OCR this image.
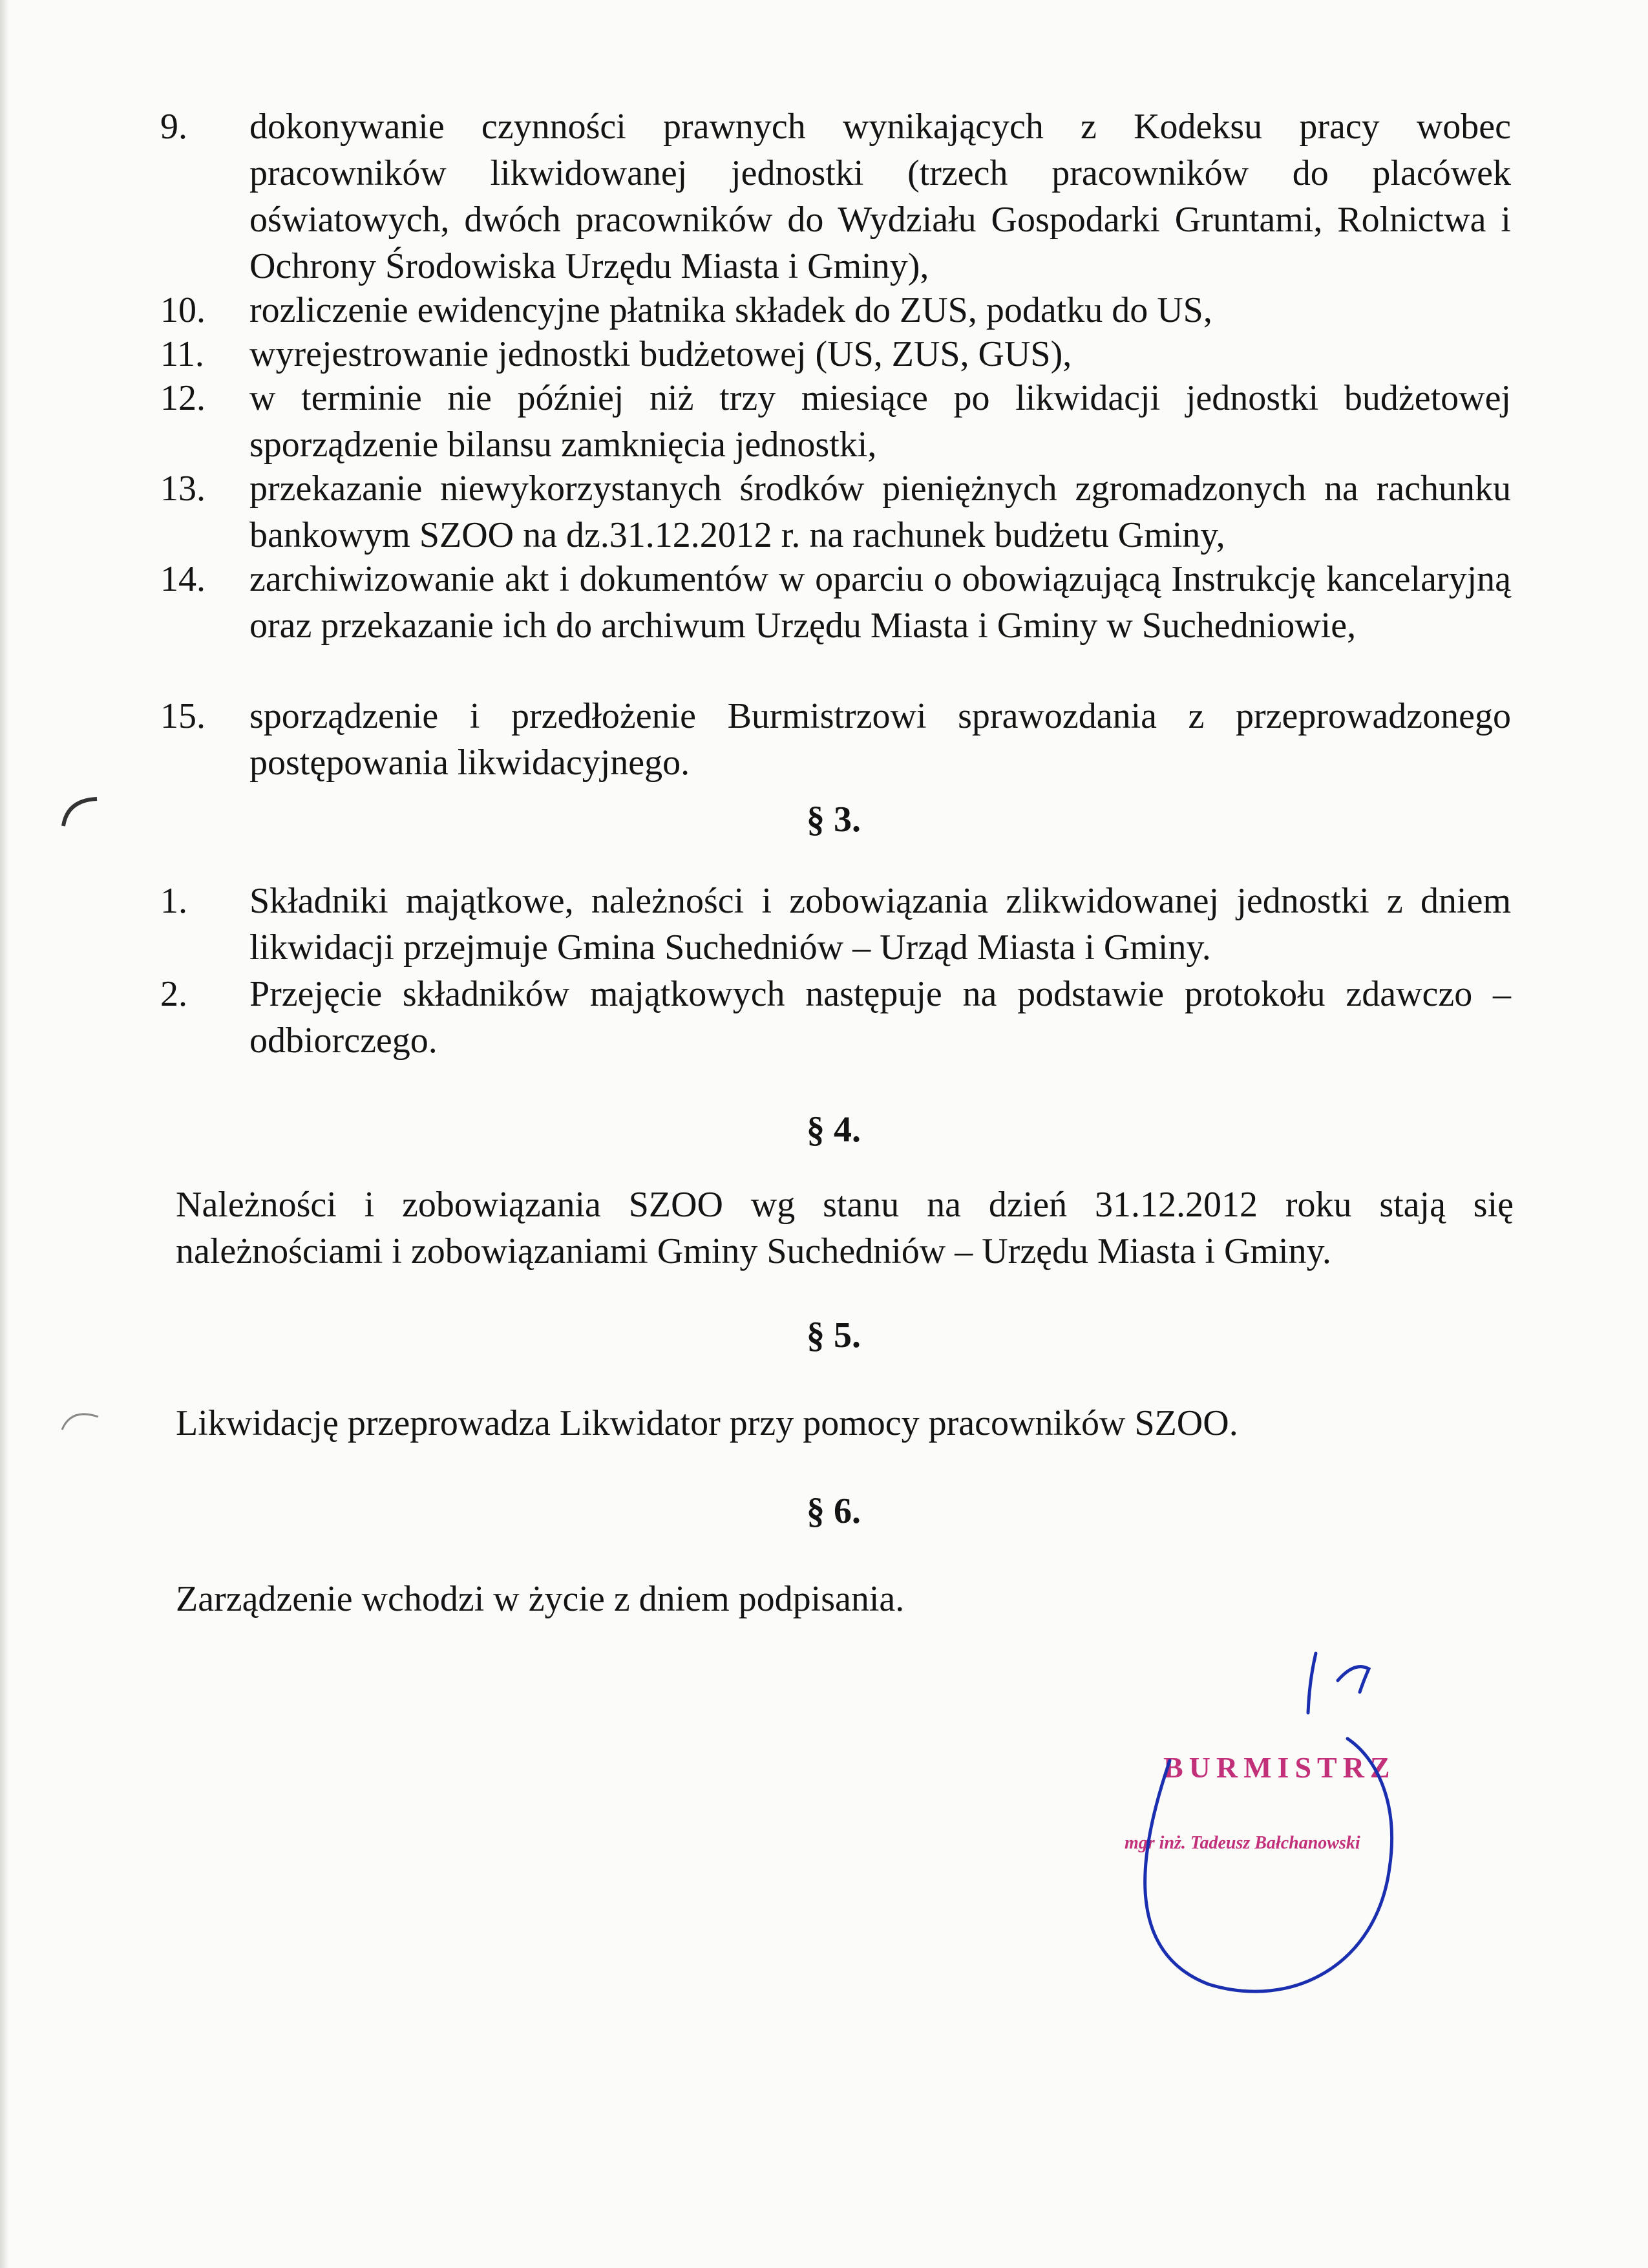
9. dokonywanie czynności prawnych wynikających z Kodeksu pracy wobec pracowników likwidowanej jednostki (trzech pracowników do placówek oświatowych, dwóch pracowników do Wydziału Gospodarki Gruntami, Rolnictwa i Ochrony Środowiska Urzędu Miasta i Gminy),
10. rozliczenie ewidencyjne płatnika składek do ZUS, podatku do US,
11. wyrejestrowanie jednostki budżetowej (US, ZUS, GUS),
12. w terminie nie później niż trzy miesiące po likwidacji jednostki budżetowej sporządzenie bilansu zamknięcia jednostki,
13. przekazanie niewykorzystanych środków pieniężnych zgromadzonych na rachunku bankowym SZOO na dz.31.12.2012 r. na rachunek budżetu Gminy,
14. zarchiwizowanie akt i dokumentów w oparciu o obowiązującą Instrukcję kancelaryjną oraz przekazanie ich do archiwum Urzędu Miasta i Gminy w Suchedniowie,
15. sporządzenie i przedłożenie Burmistrzowi sprawozdania z przeprowadzonego postępowania likwidacyjnego.
§ 3.
1. Składniki majątkowe, należności i zobowiązania zlikwidowanej jednostki z dniem likwidacji przejmuje Gmina Suchedniów – Urząd Miasta i Gminy.
2. Przejęcie składników majątkowych następuje na podstawie protokołu zdawczo – odbiorczego.
§ 4.
Należności i zobowiązania SZOO wg stanu na dzień 31.12.2012 roku stają się należnościami i zobowiązaniami Gminy Suchedniów – Urzędu Miasta i Gminy.
§ 5.
Likwidację przeprowadza Likwidator przy pomocy pracowników SZOO.
§ 6.
Zarządzenie wchodzi w życie z dniem podpisania.
BURMISTRZ
mgr inż. Tadeusz Bałchanowski
